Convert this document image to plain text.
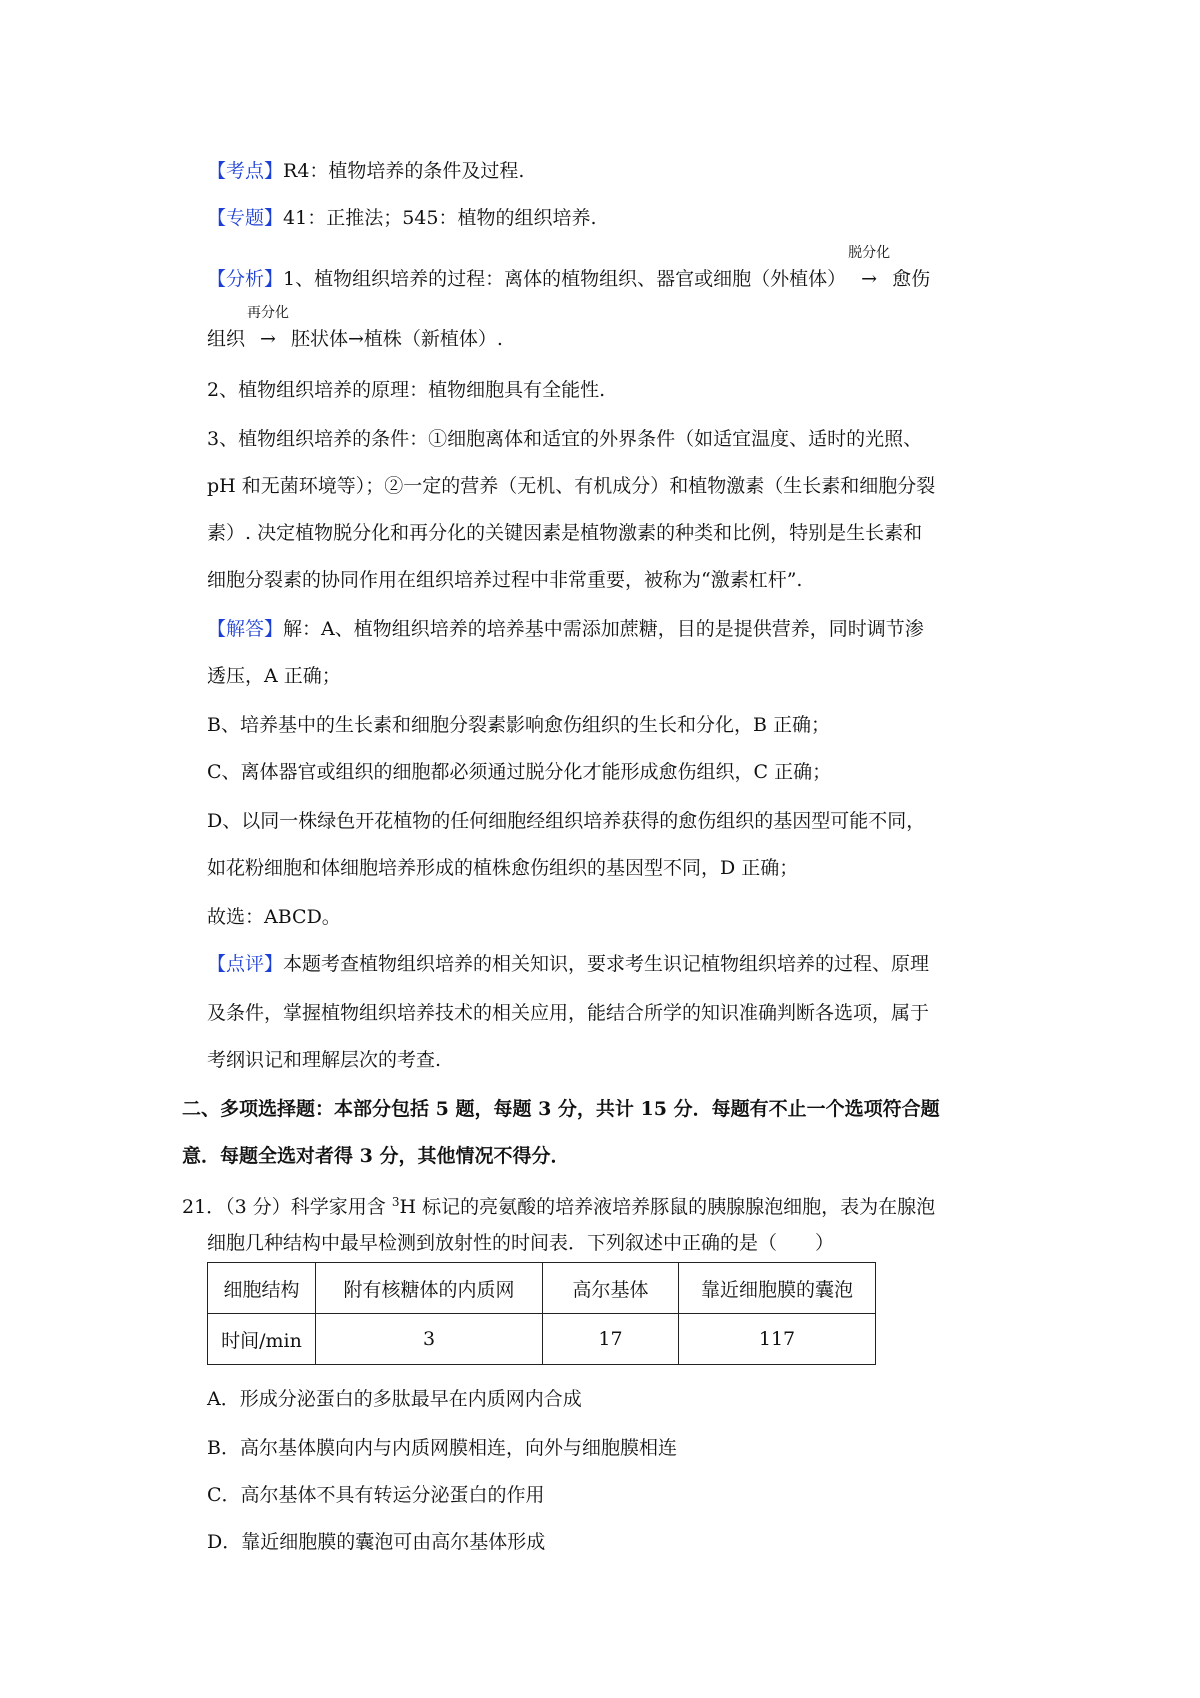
【考点】R4：植物培养的条件及过程.
【专题】41：正推法；545：植物的组织培养.
【分析】1、植物组织培养的过程：离体的植物组织、器官或细胞（外植体）
脱分化
→ 愈伤
组织
再分化
→ 胚状体→植株（新植体）.
2、植物组织培养的原理：植物细胞具有全能性.
3、植物组织培养的条件：①细胞离体和适宜的外界条件（如适宜温度、适时的光照、
pH 和无菌环境等）；②一定的营养（无机、有机成分）和植物激素（生长素和细胞分裂
素）. 决定植物脱分化和再分化的关键因素是植物激素的种类和比例，特别是生长素和
细胞分裂素的协同作用在组织培养过程中非常重要，被称为“激素杠杆”.
【解答】解：A、植物组织培养的培养基中需添加蔗糖，目的是提供营养，同时调节渗
透压，A 正确；
B、培养基中的生长素和细胞分裂素影响愈伤组织的生长和分化，B 正确；
C、离体器官或组织的细胞都必须通过脱分化才能形成愈伤组织，C 正确；
D、以同一株绿色开花植物的任何细胞经组织培养获得的愈伤组织的基因型可能不同，
如花粉细胞和体细胞培养形成的植株愈伤组织的基因型不同，D 正确；
故选：ABCD。
【点评】本题考查植物组织培养的相关知识，要求考生识记植物组织培养的过程、原理
及条件，掌握植物组织培养技术的相关应用，能结合所学的知识准确判断各选项，属于
考纲识记和理解层次的考查.
二、多项选择题：本部分包括 5 题，每题 3 分，共计 15 分．每题有不止一个选项符合题
意．每题全选对者得 3 分，其他情况不得分．
21．（3 分）科学家用含 $^3$H 标记的亮氨酸的培养液培养豚鼠的胰腺腺泡细胞，表为在腺泡
细胞几种结构中最早检测到放射性的时间表．下列叙述中正确的是（　　）
细胞结构	附有核糖体的内质网	高尔基体	靠近细胞膜的囊泡
时间/min	3	17	117
A．形成分泌蛋白的多肽最早在内质网内合成
B．高尔基体膜向内与内质网膜相连，向外与细胞膜相连
C．高尔基体不具有转运分泌蛋白的作用
D．靠近细胞膜的囊泡可由高尔基体形成
